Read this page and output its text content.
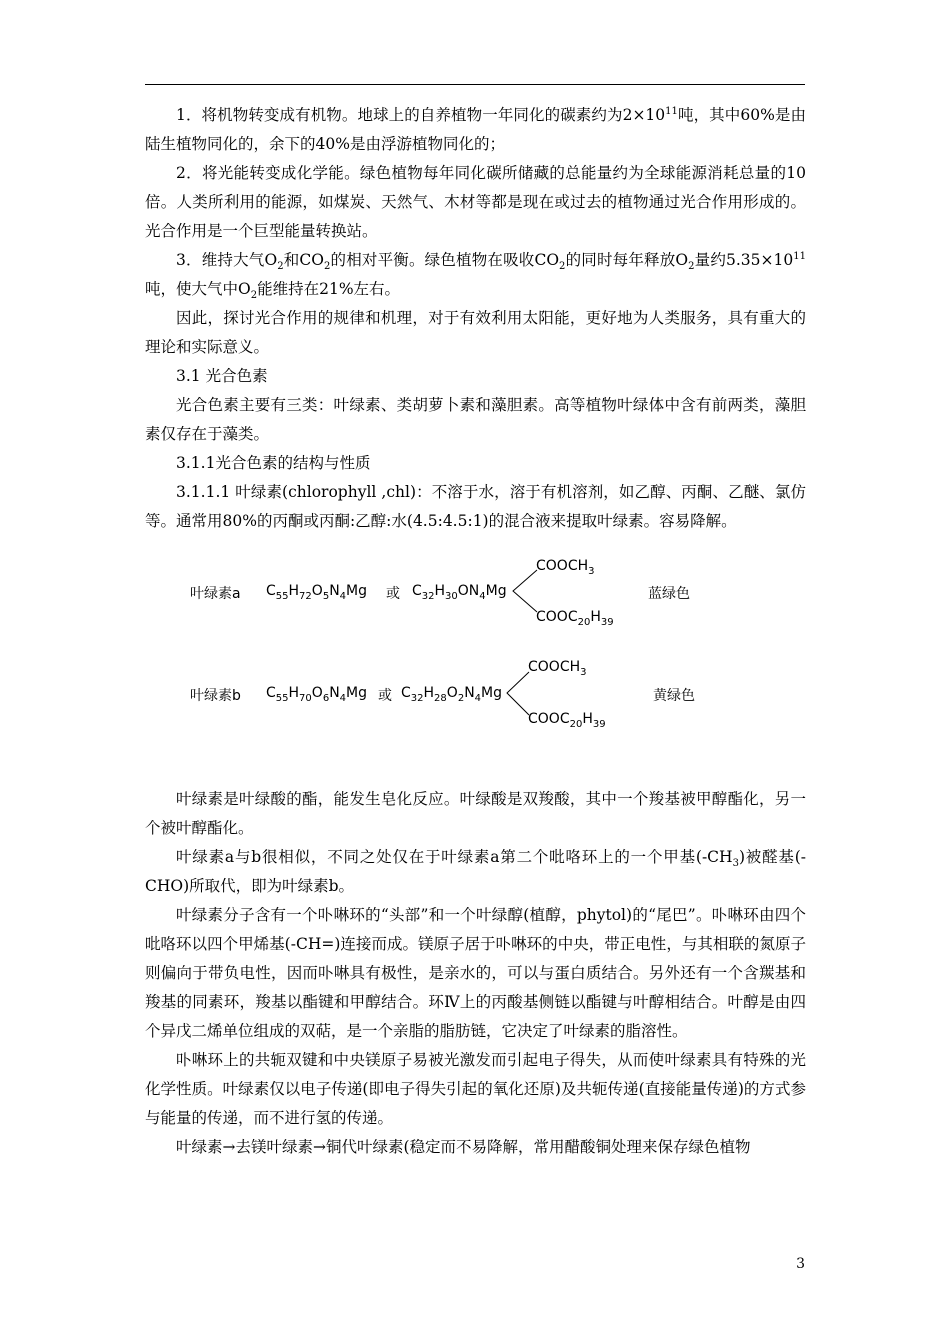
1．将机物转变成有机物。地球上的自养植物一年同化的碳素约为$2\times 10^{11}$吨，其中60%是由陆生植物同化的，余下的40%是由浮游植物同化的；

2．将光能转变成化学能。绿色植物每年同化碳所储藏的总能量约为全球能源消耗总量的10倍。人类所利用的能源，如煤炭、天然气、木材等都是现在或过去的植物通过光合作用形成的。光合作用是一个巨型能量转换站。

3．维持大气$O_2$和$CO_2$的相对平衡。绿色植物在吸收$CO_2$的同时每年释放$O_2$量约$5.35\times 10^{11}$吨，使大气中$O_2$能维持在21%左右。

因此，探讨光合作用的规律和机理，对于有效利用太阳能，更好地为人类服务，具有重大的理论和实际意义。

3.1 光合色素

光合色素主要有三类：叶绿素、类胡萝卜素和藻胆素。高等植物叶绿体中含有前两类，藻胆素仅存在于藻类。

3.1.1光合色素的结构与性质

3.1.1.1 叶绿素(chlorophyll ,chl)：不溶于水，溶于有机溶剂，如乙醇、丙酮、乙醚、氯仿等。通常用80%的丙酮或丙酮:乙醇:水(4.5:4.5:1)的混合液来提取叶绿素。容易降解。

叶绿素a $C_{55}H_{72}O_5N_4Mg$ 或 $C_{32}H_{30}ON_4Mg$
$COOCH_3$
$COOC_{20}H_{39}$
蓝绿色
叶绿素b $C_{55}H_{70}O_6N_4Mg$ 或 $C_{32}H_{28}O_2N_4Mg$
$COOCH_3$
$COOC_{20}H_{39}$
黄绿色

叶绿素是叶绿酸的酯，能发生皂化反应。叶绿酸是双羧酸，其中一个羧基被甲醇酯化，另一个被叶醇酯化。

叶绿素a与b很相似，不同之处仅在于叶绿素a第二个吡咯环上的一个甲基$(-CH_3)$被醛基(-CHO)所取代，即为叶绿素b。

叶绿素分子含有一个卟啉环的“头部”和一个叶绿醇(植醇，phytol)的“尾巴”。卟啉环由四个吡咯环以四个甲烯基(-CH=)连接而成。镁原子居于卟啉环的中央，带正电性，与其相联的氮原子则偏向于带负电性，因而卟啉具有极性，是亲水的，可以与蛋白质结合。另外还有一个含羰基和羧基的同素环，羧基以酯键和甲醇结合。环Ⅳ上的丙酸基侧链以酯键与叶醇相结合。叶醇是由四个异戊二烯单位组成的双萜，是一个亲脂的脂肪链，它决定了叶绿素的脂溶性。

卟啉环上的共轭双键和中央镁原子易被光激发而引起电子得失，从而使叶绿素具有特殊的光化学性质。叶绿素仅以电子传递(即电子得失引起的氧化还原)及共轭传递(直接能量传递)的方式参与能量的传递，而不进行氢的传递。

叶绿素→去镁叶绿素→铜代叶绿素(稳定而不易降解，常用醋酸铜处理来保存绿色植物

3
